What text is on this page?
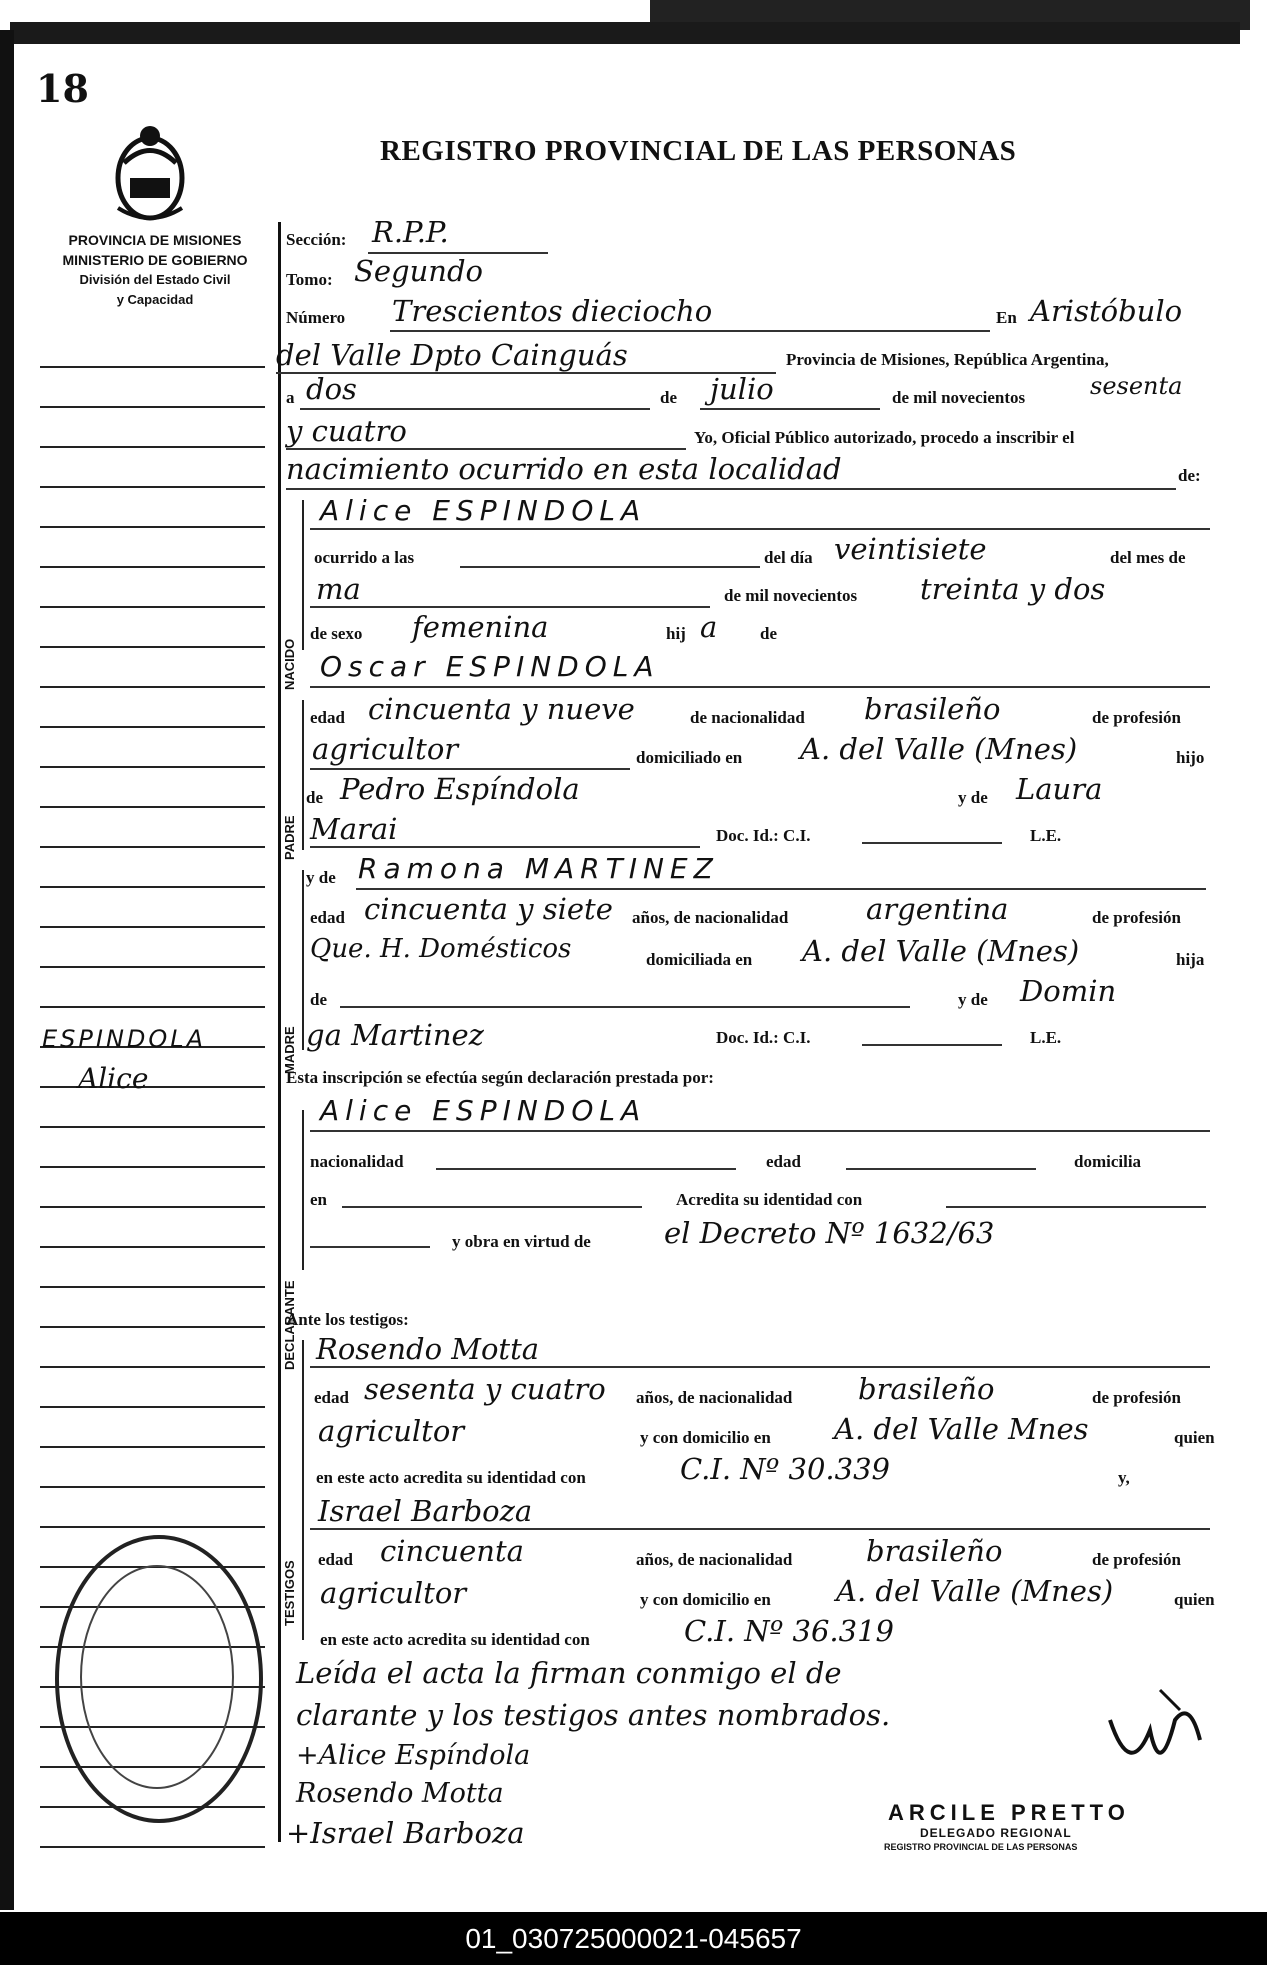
18
REGISTRO PROVINCIAL DE LAS PERSONAS
PROVINCIA DE MISIONES
MINISTERIO DE GOBIERNO
División del Estado Civil
y Capacidad
ESPINDOLA
Alice
NACIDO
PADRE
MADRE
DECLARANTE
TESTIGOS
Sección: R.P.P.
Tomo: Segundo
Número Trescientos dieciocho	En Aristóbulo
del Valle Dpto Cainguás	Provincia de Misiones, República Argentina,
a dos	de julio	de mil novecientos	sesenta
y cuatro	Yo, Oficial Público autorizado, procedo a inscribir el
nacimiento ocurrido en esta localidad	de:
Alice ESPINDOLA
ocurrido a las	del día veintisiete	del mes de
ma	de mil novecientos treinta y dos
de sexo femenina	hij a	de
Oscar ESPINDOLA
edad cincuenta y nueve	de nacionalidad brasileño	de profesión
agricultor	domiciliado en A. del Valle (Mnes)	hijo
de Pedro Espíndola	y de Laura
Marai	Doc. Id.: C.I.	L.E.
y de Ramona MARTINEZ
edad cincuenta y siete años, de nacionalidad	argentina	de profesión
Que. H. Domésticos	domiciliada en A. del Valle (Mnes)	hija
de	y de Domin
ga Martinez	Doc. Id.: C.I.	L.E.
Esta inscripción se efectúa según declaración prestada por:
Alice ESPINDOLA
nacionalidad	edad	domicilia
en	Acredita su identidad con
y obra en virtud de	el Decreto Nº 1632/63
Ante los testigos:
Rosendo Motta
edad sesenta y cuatro años, de nacionalidad brasileño	de profesión
agricultor	y con domicilio en A. del Valle Mnes	quien
en este acto acredita su identidad con	C.I. Nº 30.339	y,
Israel Barboza
edad cincuenta	años, de nacionalidad	brasileño	de profesión
agricultor	y con domicilio en A. del Valle (Mnes)	quien
en este acto acredita su identidad con	C.I. Nº 36.319
Leída el acta la firman conmigo el de
clarante y los testigos antes nombrados.
+Alice Espíndola
Rosendo Motta
+Israel Barboza
ARCILE PRETTO
DELEGADO REGIONAL
REGISTRO PROVINCIAL DE LAS PERSONAS
01_030725000021-045657
